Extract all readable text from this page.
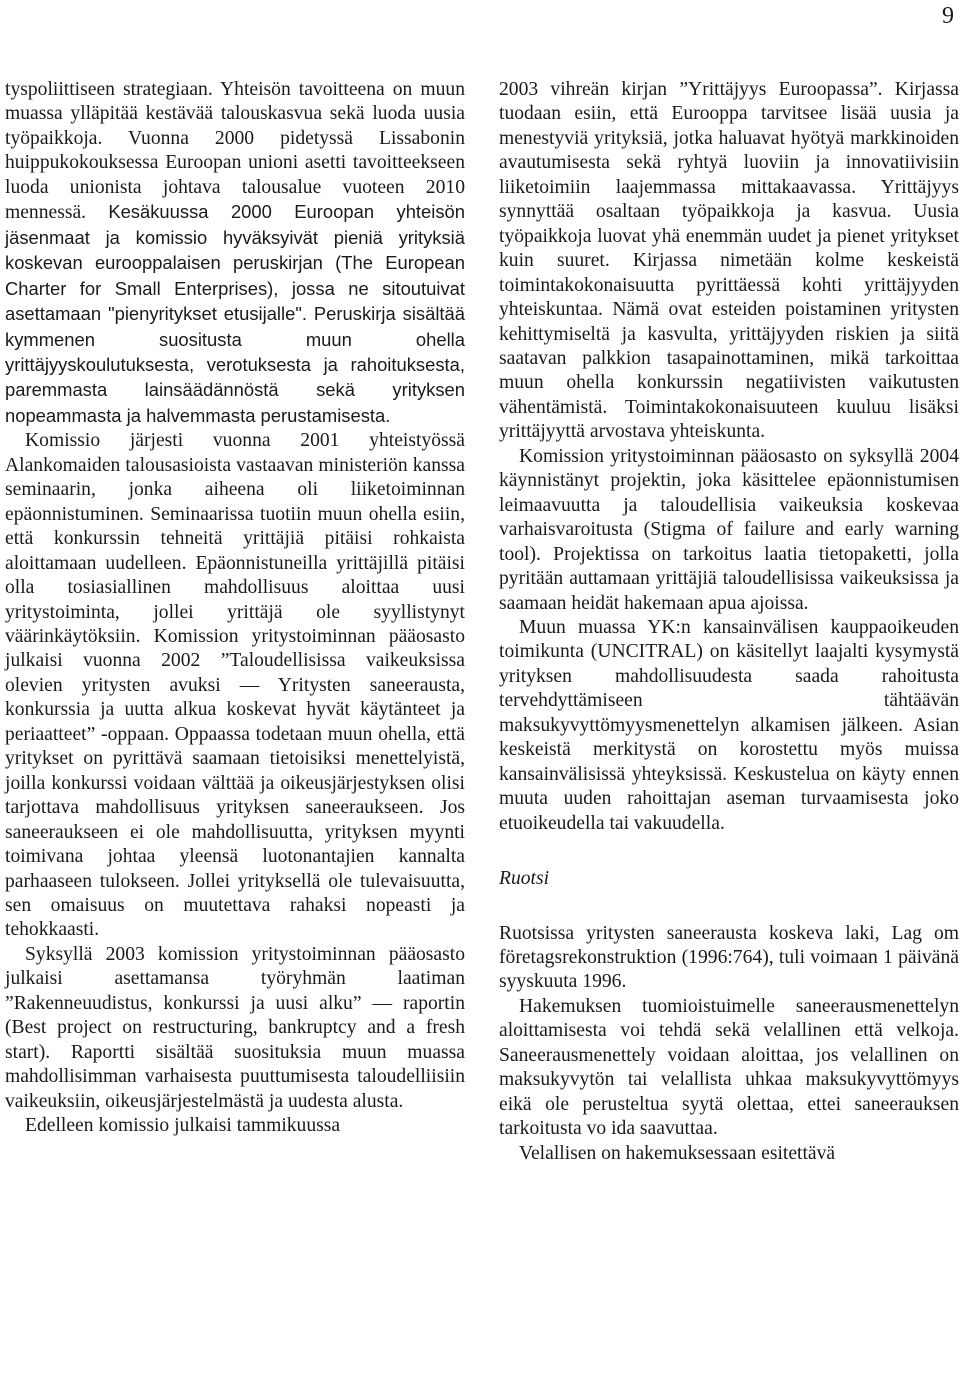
9

tyspoliittiseen strategiaan. Yhteisön tavoitteena on muun muassa ylläpitää kestävää talouskasvua sekä luoda uusia työpaikkoja. Vuonna 2000 pidetyssä Lissabonin huippukokouksessa Euroopan unioni asetti tavoitteekseen luoda unionista johtava talousalue vuoteen 2010 mennessä. Kesäkuussa 2000 Euroopan yhteisön jäsenmaat ja komissio hyväksyivät pieniä yrityksiä koskevan eurooppalaisen peruskirjan (The European Charter for Small Enterprises), jossa ne sitoutuivat asettamaan "pienyritykset etusijalle". Peruskirja sisältää kymmenen suositusta muun ohella yrittäjyyskoulutuksesta, verotuksesta ja rahoituksesta, paremmasta lainsäädännöstä sekä yrityksen nopeammasta ja halvemmasta perustamisesta.

Komissio järjesti vuonna 2001 yhteistyössä Alankomaiden talousasioista vastaavan ministeriön kanssa seminaarin, jonka aiheena oli liiketoiminnan epäonnistuminen. Seminaarissa tuotiin muun ohella esiin, että konkurssin tehneitä yrittäjiä pitäisi rohkaista aloittamaan uudelleen. Epäonnistuneilla yrittäjillä pitäisi olla tosiasiallinen mahdollisuus aloittaa uusi yritystoiminta, jollei yrittäjä ole syyllistynyt väärinkäytöksiin. Komission yritystoiminnan pääosasto julkaisi vuonna 2002 ”Taloudellisissa vaikeuksissa olevien yritysten avuksi — Yritysten saneerausta, konkurssia ja uutta alkua koskevat hyvät käytänteet ja periaatteet” -oppaan. Oppaassa todetaan muun ohella, että yritykset on pyrittävä saamaan tietoisiksi menettelyistä, joilla konkurssi voidaan välttää ja oikeusjärjestyksen olisi tarjottava mahdollisuus yrityksen saneeraukseen. Jos saneeraukseen ei ole mahdollisuutta, yrityksen myynti toimivana johtaa yleensä luotonantajien kannalta parhaaseen tulokseen. Jollei yrityksellä ole tulevaisuutta, sen omaisuus on muutettava rahaksi nopeasti ja tehokkaasti.

Syksyllä 2003 komission yritystoiminnan pääosasto julkaisi asettamansa työryhmän laatiman ”Rakenneuudistus, konkurssi ja uusi alku” — raportin (Best project on restructuring, bankruptcy and a fresh start). Raportti sisältää suosituksia muun muassa mahdollisimman varhaisesta puuttumisesta taloudelliisiin vaikeuksiin, oikeusjärjestelmästä ja uudesta alusta.

Edelleen komissio julkaisi tammikuussa

2003 vihreän kirjan ”Yrittäjyys Euroopassa”. Kirjassa tuodaan esiin, että Eurooppa tarvitsee lisää uusia ja menestyviä yrityksiä, jotka haluavat hyötyä markkinoiden avautumisesta sekä ryhtyä luoviin ja innovatiivisiin liiketoimiin laajemmassa mittakaavassa. Yrittäjyys synnyttää osaltaan työpaikkoja ja kasvua. Uusia työpaikkoja luovat yhä enemmän uudet ja pienet yritykset kuin suuret. Kirjassa nimetään kolme keskeistä toimintakokonaisuutta pyrittäessä kohti yrittäjyyden yhteiskuntaa. Nämä ovat esteiden poistaminen yritysten kehittymiseltä ja kasvulta, yrittäjyyden riskien ja siitä saatavan palkkion tasapainottaminen, mikä tarkoittaa muun ohella konkurssin negatiivisten vaikutusten vähentämistä. Toimintakokonaisuuteen kuuluu lisäksi yrittäjyyttä arvostava yhteiskunta.

Komission yritystoiminnan pääosasto on syksyllä 2004 käynnistänyt projektin, joka käsittelee epäonnistumisen leimaavuutta ja taloudellisia vaikeuksia koskevaa varhaisvaroitusta (Stigma of failure and early warning tool). Projektissa on tarkoitus laatia tietopaketti, jolla pyritään auttamaan yrittäjiä taloudellisissa vaikeuksissa ja saamaan heidät hakemaan apua ajoissa.

Muun muassa YK:n kansainvälisen kauppaoikeuden toimikunta (UNCITRAL) on käsitellyt laajalti kysymystä yrityksen mahdollisuudesta saada rahoitusta tervehdyttämiseen tähtäävän maksukyvyttömyysmenettelyn alkamisen jälkeen. Asian keskeistä merkitystä on korostettu myös muissa kansainvälisissä yhteyksissä. Keskustelua on käyty ennen muuta uuden rahoittajan aseman turvaamisesta joko etuoikeudella tai vakuudella.

Ruotsi

Ruotsissa yritysten saneerausta koskeva laki, Lag om företagsrekonstruktion (1996:764), tuli voimaan 1 päivänä syyskuuta 1996.

Hakemuksen tuomioistuimelle saneerausmenettelyn aloittamisesta voi tehdä sekä velallinen että velkoja. Saneerausmenettely voidaan aloittaa, jos velallinen on maksukyvytön tai velallista uhkaa maksukyvyttömyys eikä ole perusteltua syytä olettaa, ettei saneerauksen tarkoitusta vo ida saavuttaa.

Velallisen on hakemuksessaan esitettävä
